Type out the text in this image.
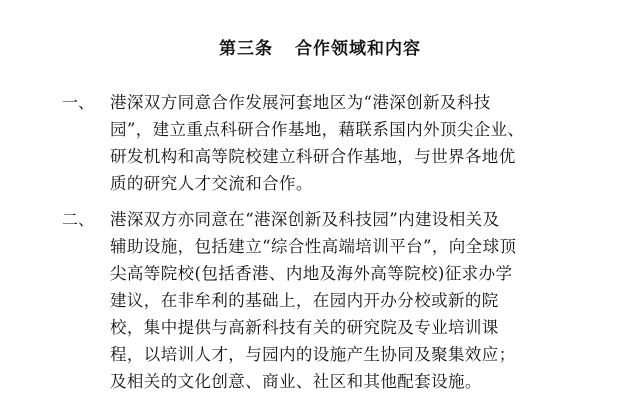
第三条 合作领域和内容
一、 港深双方同意合作发展河套地区为“港深创新及科技
园”，建立重点科研合作基地，藉联系国内外顶尖企业、
研发机构和高等院校建立科研合作基地，与世界各地优
质的研究人才交流和合作。
二、 港深双方亦同意在“港深创新及科技园”内建设相关及
辅助设施，包括建立“综合性高端培训平台”，向全球顶
尖高等院校(包括香港、内地及海外高等院校)征求办学
建议，在非牟利的基础上，在园内开办分校或新的院
校，集中提供与高新科技有关的研究院及专业培训课
程，以培训人才，与园内的设施产生协同及聚集效应；
及相关的文化创意、商业、社区和其他配套设施。
